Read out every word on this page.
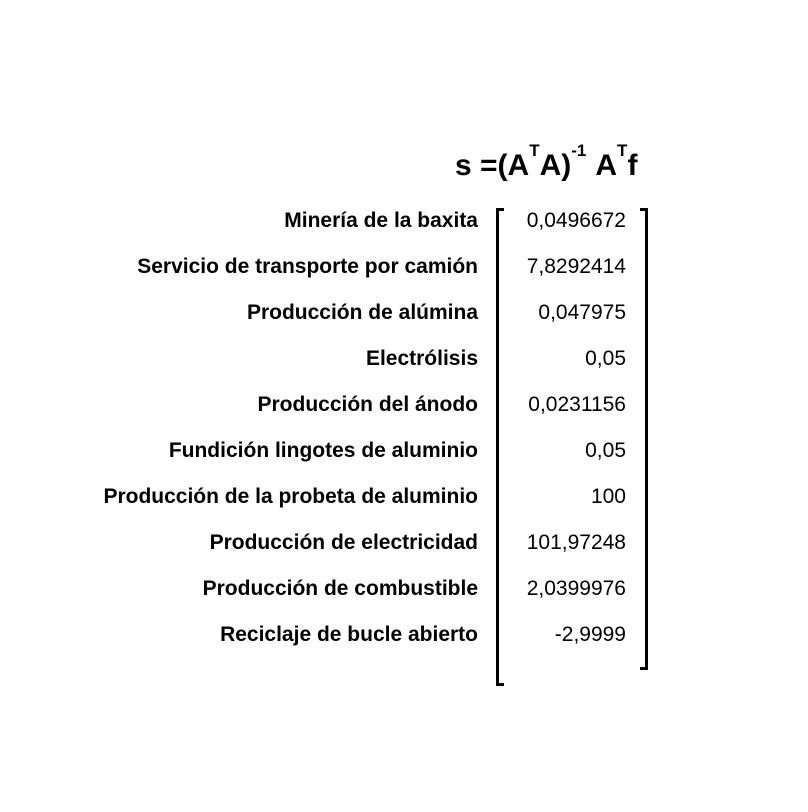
$s =(A^TA)^{-1}$ $A^Tf$
Minería de la baxita
Servicio de transporte por camión
Producción de alúmina
Electrólisis
Producción del ánodo
Fundición lingotes de aluminio
Producción de la probeta de aluminio
Producción de electricidad
Producción de combustible
Reciclaje de bucle abierto
0,0496672
7,8292414
0,047975
0,05
0,0231156
0,05
100
101,97248
2,0399976
-2,9999
